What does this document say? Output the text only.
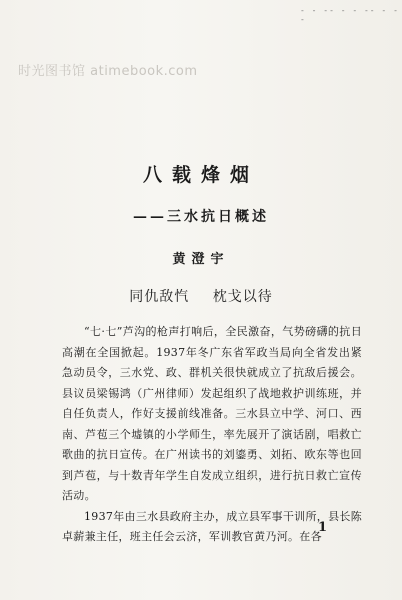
- - -- - - -- - - -
时光图书馆 atimebook.com
八载烽烟
——三水抗日概述
黄澄宇
同仇敌忾 枕戈以待

“七·七”芦沟的枪声打响后，全民激奋，气势磅礴的抗日高潮在全国掀起。1937年冬广东省军政当局向全省发出紧急动员令，三水党、政、群机关很快就成立了抗敌后援会。县议员梁锡鸿（广州律师）发起组织了战地救护训练班，并自任负责人，作好支援前线准备。三水县立中学、河口、西南、芦苞三个墟镇的小学师生，率先展开了演话剧，唱救亡歌曲的抗日宣传。在广州读书的刘鎏勇、刘拓、欧东等也回到芦苞，与十数青年学生自发成立组织，进行抗日救亡宣传活动。

1937年由三水县政府主办，成立县军事干训所，县长陈卓薪兼主任，班主任会云济，军训教官黄乃河。在各

1
